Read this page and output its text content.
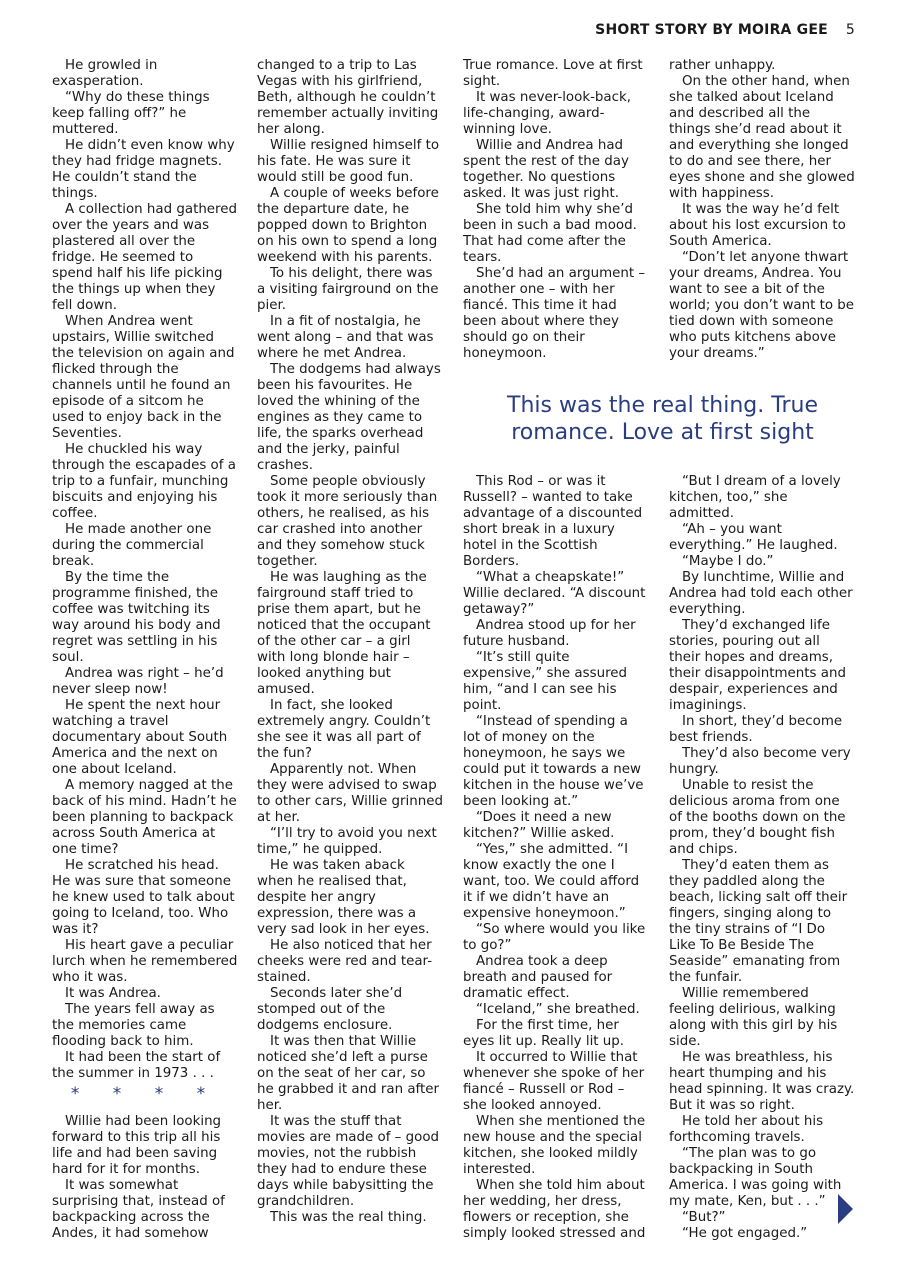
SHORT STORY BY MOIRA GEE 5

He growled in exasperation.

“Why do these things keep falling off?” he muttered.

He didn’t even know why they had fridge magnets. He couldn’t stand the things.

A collection had gathered over the years and was plastered all over the fridge. He seemed to spend half his life picking the things up when they fell down.

When Andrea went upstairs, Willie switched the television on again and flicked through the channels until he found an episode of a sitcom he used to enjoy back in the Seventies.

He chuckled his way through the escapades of a trip to a funfair, munching biscuits and enjoying his coffee.

He made another one during the commercial break.

By the time the programme finished, the coffee was twitching its way around his body and regret was settling in his soul.

Andrea was right – he’d never sleep now!

He spent the next hour watching a travel documentary about South America and the next on one about Iceland.

A memory nagged at the back of his mind. Hadn’t he been planning to backpack across South America at one time?

He scratched his head. He was sure that someone he knew used to talk about going to Iceland, too. Who was it?

His heart gave a peculiar lurch when he remembered who it was.

It was Andrea.

The years fell away as the memories came flooding back to him.

It had been the start of the summer in 1973 . . .

* * * *

Willie had been looking forward to this trip all his life and had been saving hard for it for months.

It was somewhat surprising that, instead of backpacking across the Andes, it had somehow

changed to a trip to Las Vegas with his girlfriend, Beth, although he couldn’t remember actually inviting her along.

Willie resigned himself to his fate. He was sure it would still be good fun.

A couple of weeks before the departure date, he popped down to Brighton on his own to spend a long weekend with his parents.

To his delight, there was a visiting fairground on the pier.

In a fit of nostalgia, he went along – and that was where he met Andrea.

The dodgems had always been his favourites. He loved the whining of the engines as they came to life, the sparks overhead and the jerky, painful crashes.

Some people obviously took it more seriously than others, he realised, as his car crashed into another and they somehow stuck together.

He was laughing as the fairground staff tried to prise them apart, but he noticed that the occupant of the other car – a girl with long blonde hair – looked anything but amused.

In fact, she looked extremely angry. Couldn’t she see it was all part of the fun?

Apparently not. When they were advised to swap to other cars, Willie grinned at her.

“I’ll try to avoid you next time,” he quipped.

He was taken aback when he realised that, despite her angry expression, there was a very sad look in her eyes.

He also noticed that her cheeks were red and tear-stained.

Seconds later she’d stomped out of the dodgems enclosure.

It was then that Willie noticed she’d left a purse on the seat of her car, so he grabbed it and ran after her.

It was the stuff that movies are made of – good movies, not the rubbish they had to endure these days while babysitting the grandchildren.

This was the real thing.

True romance. Love at first sight.

It was never-look-back, life-changing, award-winning love.

Willie and Andrea had spent the rest of the day together. No questions asked. It was just right.

She told him why she’d been in such a bad mood. That had come after the tears.

She’d had an argument – another one – with her fiancé. This time it had been about where they should go on their honeymoon.

rather unhappy.

On the other hand, when she talked about Iceland and described all the things she’d read about it and everything she longed to do and see there, her eyes shone and she glowed with happiness.

It was the way he’d felt about his lost excursion to South America.

“Don’t let anyone thwart your dreams, Andrea. You want to see a bit of the world; you don’t want to be tied down with someone who puts kitchens above your dreams.”

This was the real thing. True romance. Love at first sight

This Rod – or was it Russell? – wanted to take advantage of a discounted short break in a luxury hotel in the Scottish Borders.

“What a cheapskate!” Willie declared. “A discount getaway?”

Andrea stood up for her future husband.

“It’s still quite expensive,” she assured him, “and I can see his point.

“Instead of spending a lot of money on the honeymoon, he says we could put it towards a new kitchen in the house we’ve been looking at.”

“Does it need a new kitchen?” Willie asked.

“Yes,” she admitted. “I know exactly the one I want, too. We could afford it if we didn’t have an expensive honeymoon.”

“So where would you like to go?”

Andrea took a deep breath and paused for dramatic effect.

“Iceland,” she breathed.

For the first time, her eyes lit up. Really lit up.

It occurred to Willie that whenever she spoke of her fiancé – Russell or Rod – she looked annoyed.

When she mentioned the new house and the special kitchen, she looked mildly interested.

When she told him about her wedding, her dress, flowers or reception, she simply looked stressed and

“But I dream of a lovely kitchen, too,” she admitted.

“Ah – you want everything.” He laughed.

“Maybe I do.”

By lunchtime, Willie and Andrea had told each other everything.

They’d exchanged life stories, pouring out all their hopes and dreams, their disappointments and despair, experiences and imaginings.

In short, they’d become best friends.

They’d also become very hungry.

Unable to resist the delicious aroma from one of the booths down on the prom, they’d bought fish and chips.

They’d eaten them as they paddled along the beach, licking salt off their fingers, singing along to the tiny strains of “I Do Like To Be Beside The Seaside” emanating from the funfair.

Willie remembered feeling delirious, walking along with this girl by his side.

He was breathless, his heart thumping and his head spinning. It was crazy. But it was so right.

He told her about his forthcoming travels.

“The plan was to go backpacking in South America. I was going with my mate, Ken, but . . .”

“But?”

“He got engaged.”
